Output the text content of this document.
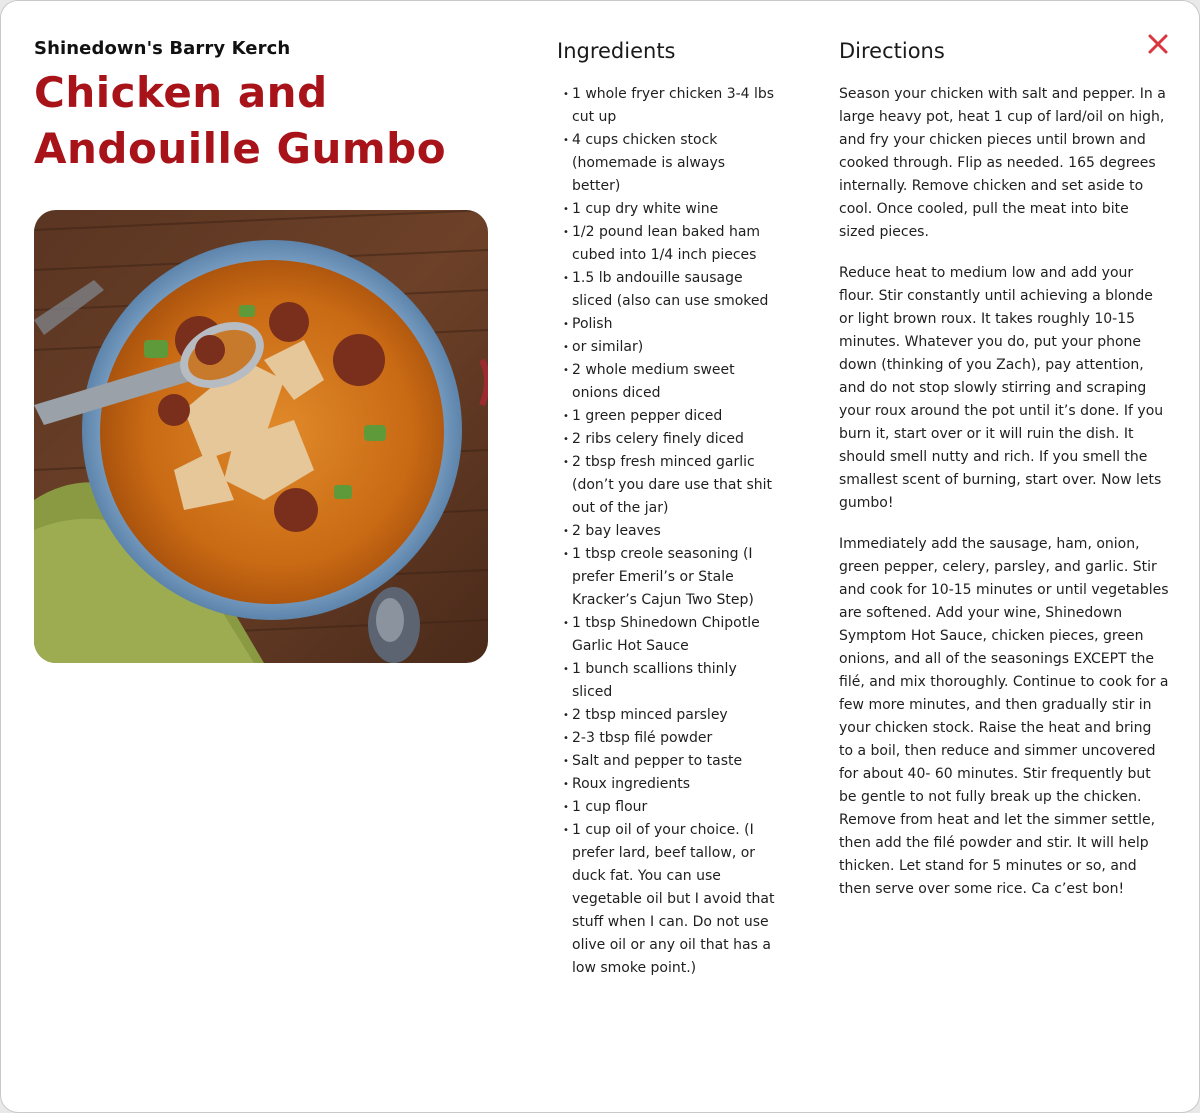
Shinedown's Barry Kerch

Chicken and Andouille Gumbo
Ingredients
• 1 whole fryer chicken 3-4 lbs cut up
• 4 cups chicken stock (homemade is always better)
• 1 cup dry white wine
• 1/2 pound lean baked ham cubed into 1/4 inch pieces
• 1.5 lb andouille sausage sliced (also can use smoked
• Polish
• or similar)
• 2 whole medium sweet onions diced
• 1 green pepper diced
• 2 ribs celery finely diced
• 2 tbsp fresh minced garlic (don’t you dare use that shit out of the jar)
• 2 bay leaves
• 1 tbsp creole seasoning (I prefer Emeril’s or Stale Kracker’s Cajun Two Step)
• 1 tbsp Shinedown Chipotle Garlic Hot Sauce
• 1 bunch scallions thinly sliced
• 2 tbsp minced parsley
• 2-3 tbsp filé powder
• Salt and pepper to taste
• Roux ingredients
• 1 cup flour
• 1 cup oil of your choice. (I prefer lard, beef tallow, or duck fat. You can use vegetable oil but I avoid that stuff when I can. Do not use olive oil or any oil that has a low smoke point.)
Directions

Season your chicken with salt and pepper. In a large heavy pot, heat 1 cup of lard/oil on high, and fry your chicken pieces until brown and cooked through. Flip as needed. 165 degrees internally. Remove chicken and set aside to cool. Once cooled, pull the meat into bite sized pieces.

Reduce heat to medium low and add your flour. Stir constantly until achieving a blonde or light brown roux. It takes roughly 10-15 minutes. Whatever you do, put your phone down (thinking of you Zach), pay attention, and do not stop slowly stirring and scraping your roux around the pot until it’s done. If you burn it, start over or it will ruin the dish. It should smell nutty and rich. If you smell the smallest scent of burning, start over. Now lets gumbo!

Immediately add the sausage, ham, onion, green pepper, celery, parsley, and garlic. Stir and cook for 10-15 minutes or until vegetables are softened. Add your wine, Shinedown Symptom Hot Sauce, chicken pieces, green onions, and all of the seasonings EXCEPT the filé, and mix thoroughly. Continue to cook for a few more minutes, and then gradually stir in your chicken stock. Raise the heat and bring to a boil, then reduce and simmer uncovered for about 40- 60 minutes. Stir frequently but be gentle to not fully break up the chicken. Remove from heat and let the simmer settle, then add the filé powder and stir. It will help thicken. Let stand for 5 minutes or so, and then serve over some rice. Ca c’est bon!
